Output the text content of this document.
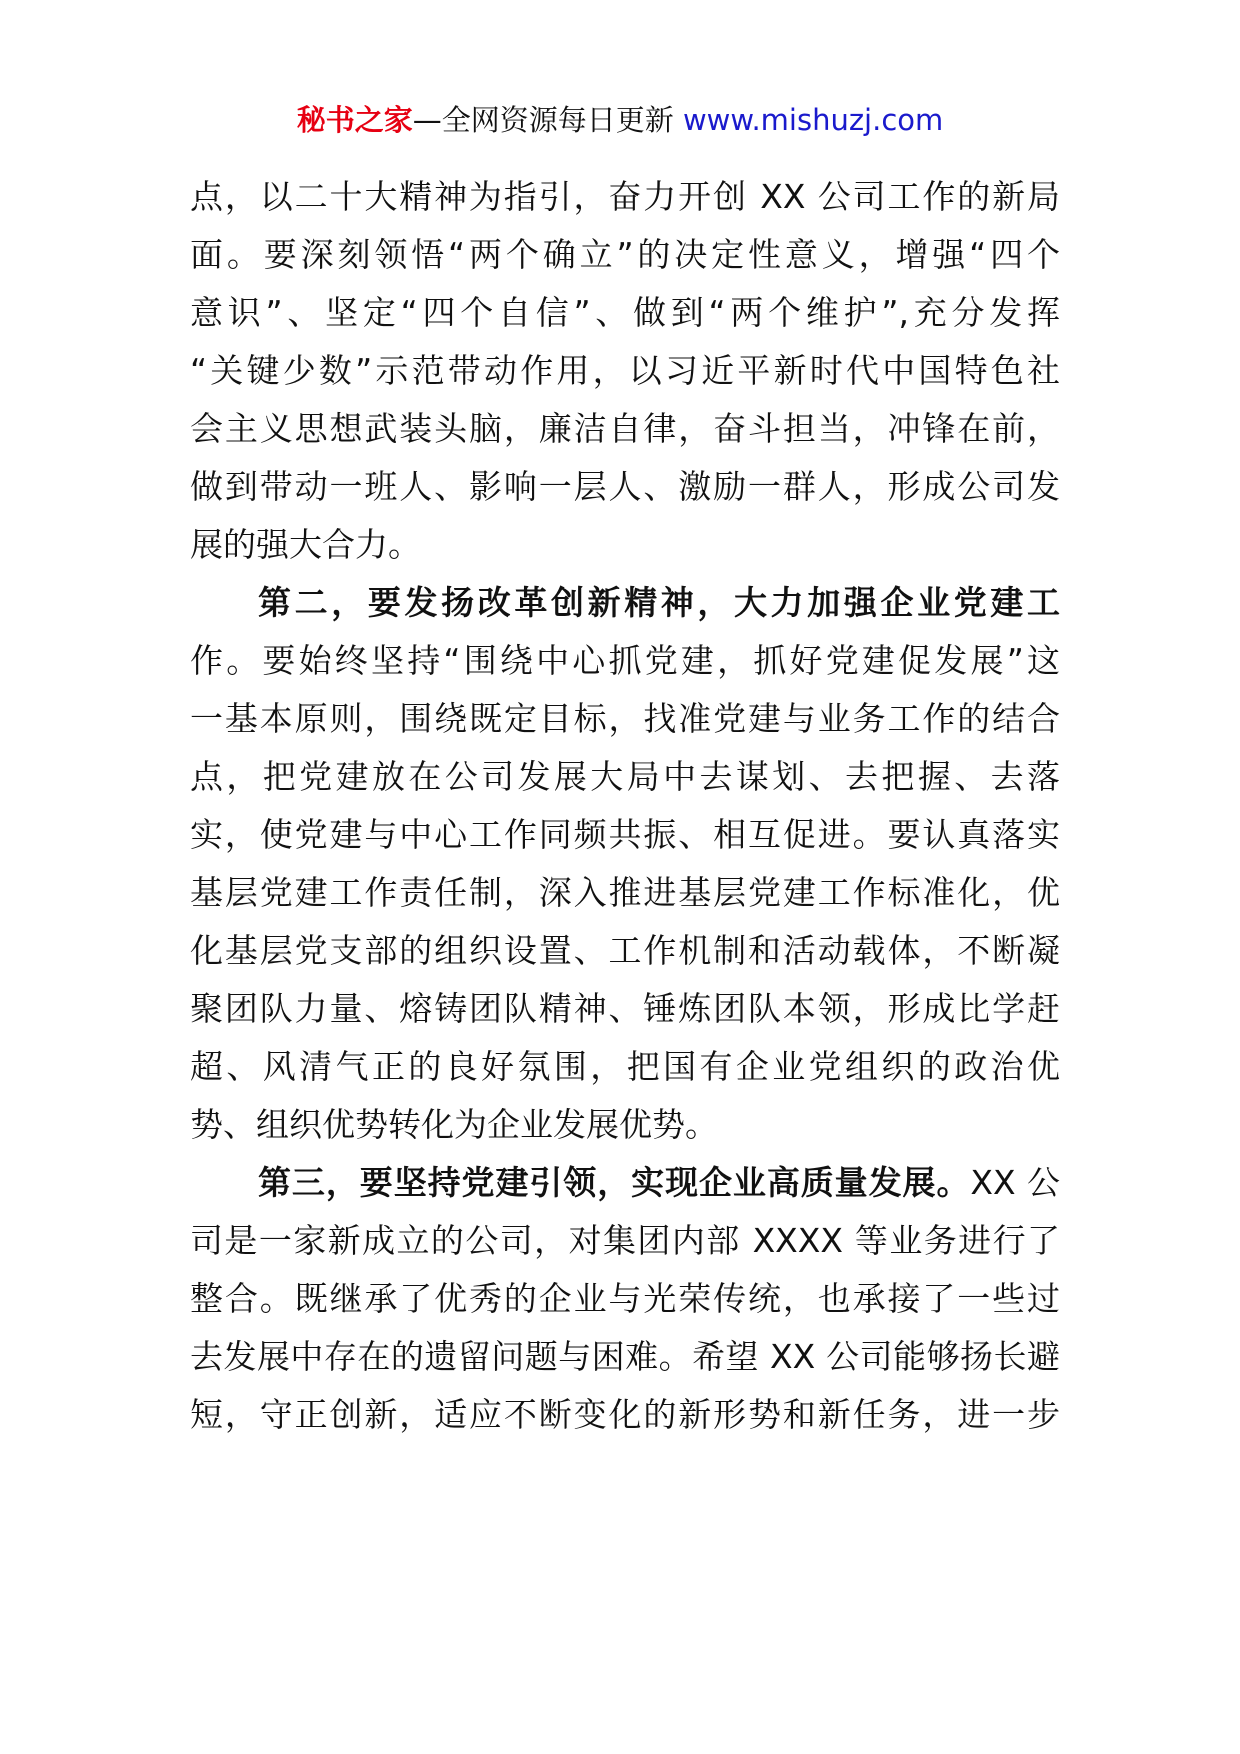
秘书之家—全网资源每日更新 www.mishuzj.com
点，以二十大精神为指引，奋力开创 XX 公司工作的新局
面。要深刻领悟“两个确立”的决定性意义，增强“四个
意识”、坚定“四个自信”、做到“两个维护”,充分发挥
“关键少数”示范带动作用，以习近平新时代中国特色社
会主义思想武装头脑，廉洁自律，奋斗担当，冲锋在前，
做到带动一班人、影响一层人、激励一群人，形成公司发
展的强大合力。
第二，要发扬改革创新精神，大力加强企业党建工
作。要始终坚持“围绕中心抓党建，抓好党建促发展”这
一基本原则，围绕既定目标，找准党建与业务工作的结合
点，把党建放在公司发展大局中去谋划、去把握、去落
实，使党建与中心工作同频共振、相互促进。要认真落实
基层党建工作责任制，深入推进基层党建工作标准化，优
化基层党支部的组织设置、工作机制和活动载体，不断凝
聚团队力量、熔铸团队精神、锤炼团队本领，形成比学赶
超、风清气正的良好氛围，把国有企业党组织的政治优
势、组织优势转化为企业发展优势。
第三，要坚持党建引领，实现企业高质量发展。XX 公
司是一家新成立的公司，对集团内部 XXXX 等业务进行了
整合。既继承了优秀的企业与光荣传统，也承接了一些过
去发展中存在的遗留问题与困难。希望 XX 公司能够扬长避
短，守正创新，适应不断变化的新形势和新任务，进一步
